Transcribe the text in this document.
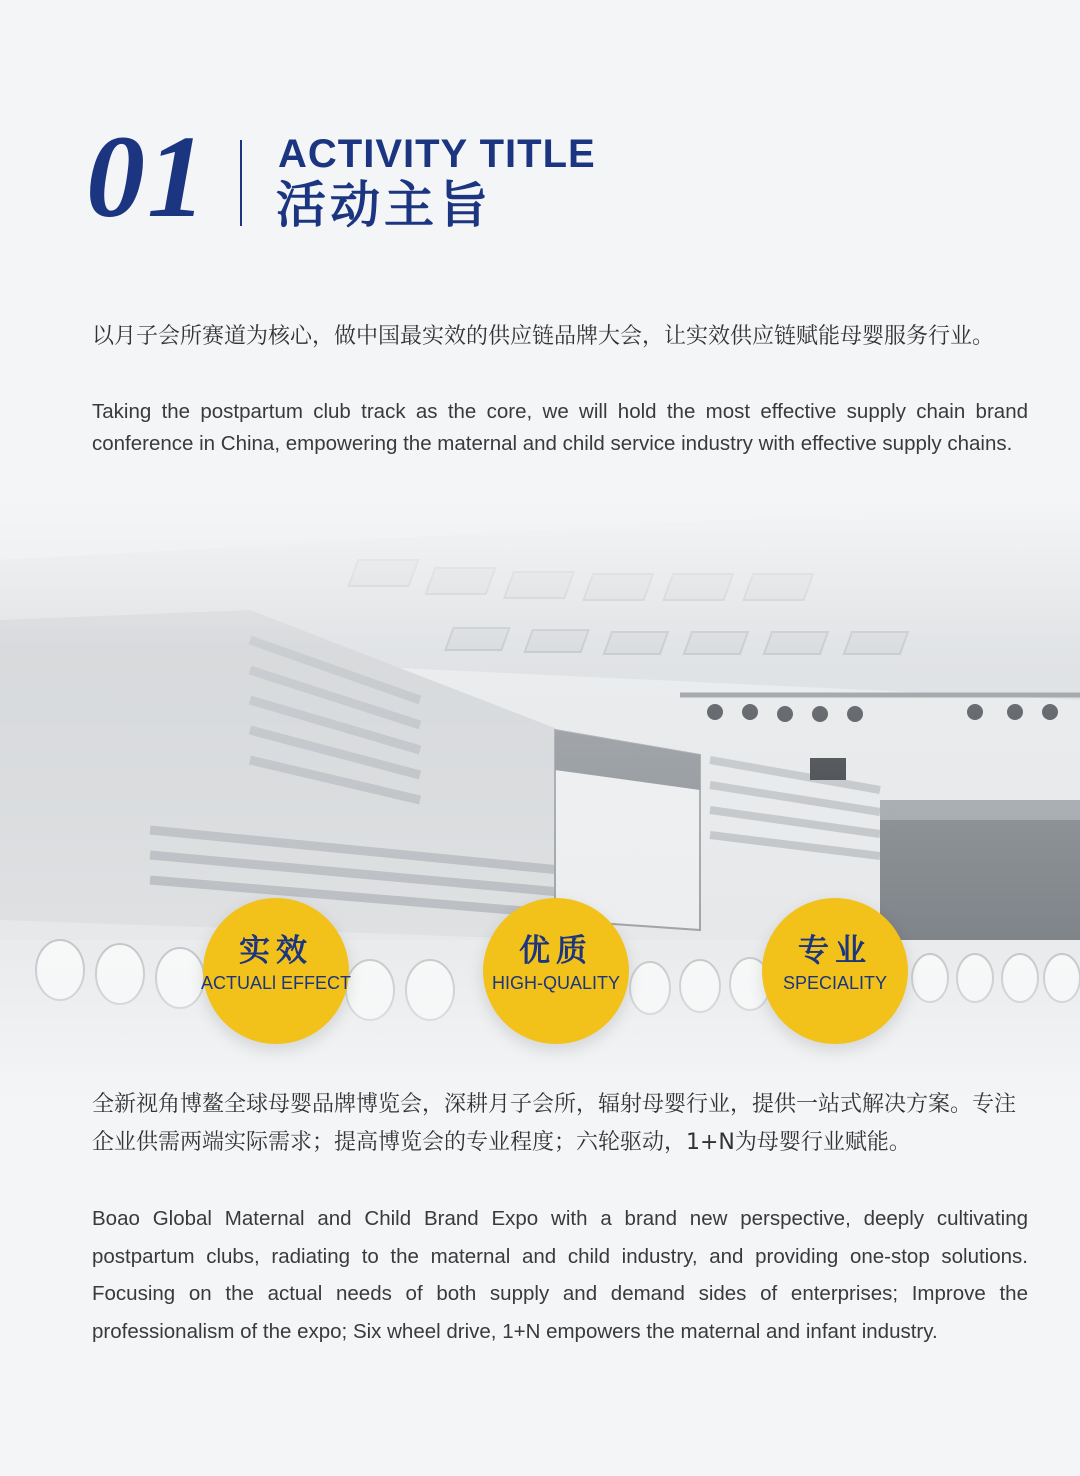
01 ACTIVITY TITLE
活动主旨
以月子会所赛道为核心，做中国最实效的供应链品牌大会，让实效供应链赋能母婴服务行业。
Taking the postpartum club track as the core, we will hold the most effective supply chain brand conference in China, empowering the maternal and child service industry with effective supply chains.
实效
ACTUALl EFFECT
优质
HIGH-QUALITY
专业
SPECIALITY
全新视角博鳌全球母婴品牌博览会，深耕月子会所，辐射母婴行业，提供一站式解决方案。专注企业供需两端实际需求；提高博览会的专业程度；六轮驱动，1+N为母婴行业赋能。
Boao Global Maternal and Child Brand Expo with a brand new perspective, deeply cultivating postpartum clubs, radiating to the maternal and child industry, and providing one-stop solutions. Focusing on the actual needs of both supply and demand sides of enterprises; Improve the professionalism of the expo; Six wheel drive, 1+N empowers the maternal and infant industry.
